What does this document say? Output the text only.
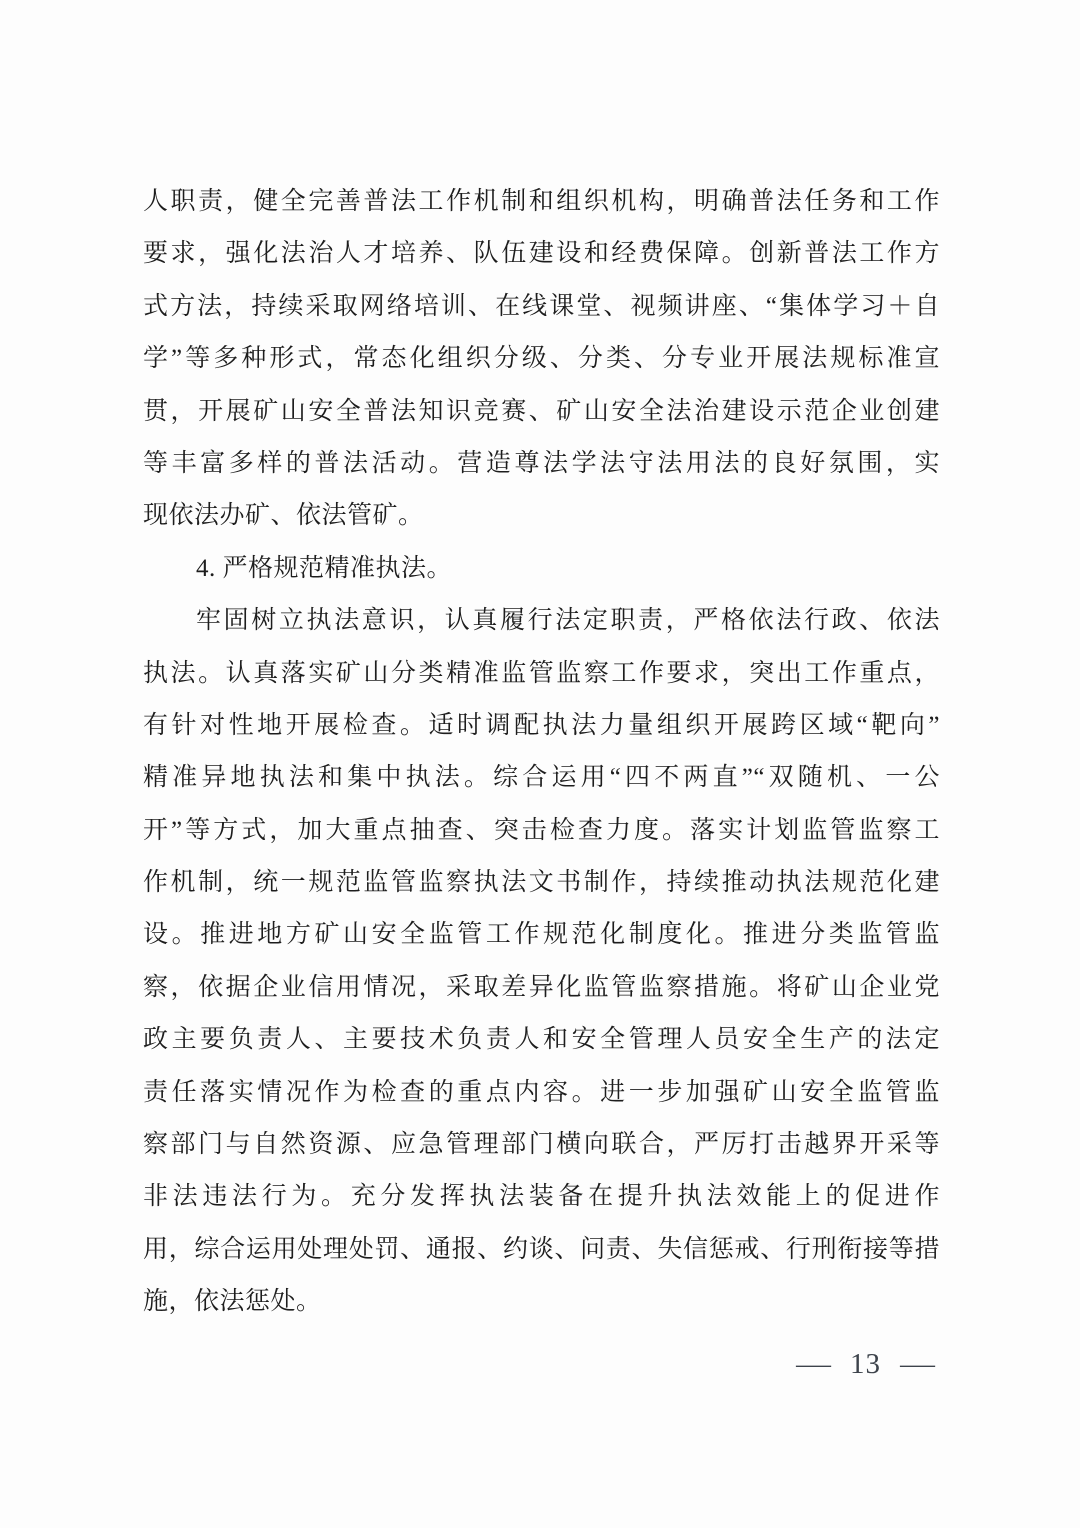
人职责，健全完善普法工作机制和组织机构，明确普法任务和工作
要求，强化法治人才培养、队伍建设和经费保障。创新普法工作方
式方法，持续采取网络培训、在线课堂、视频讲座、“集体学习＋自
学”等多种形式，常态化组织分级、分类、分专业开展法规标准宣
贯，开展矿山安全普法知识竞赛、矿山安全法治建设示范企业创建
等丰富多样的普法活动。营造尊法学法守法用法的良好氛围，实
现依法办矿、依法管矿。
4. 严格规范精准执法。
牢固树立执法意识，认真履行法定职责，严格依法行政、依法
执法。认真落实矿山分类精准监管监察工作要求，突出工作重点，
有针对性地开展检查。适时调配执法力量组织开展跨区域“靶向”
精准异地执法和集中执法。综合运用“四不两直”“双随机、一公
开”等方式，加大重点抽查、突击检查力度。落实计划监管监察工
作机制，统一规范监管监察执法文书制作，持续推动执法规范化建
设。推进地方矿山安全监管工作规范化制度化。推进分类监管监
察，依据企业信用情况，采取差异化监管监察措施。将矿山企业党
政主要负责人、主要技术负责人和安全管理人员安全生产的法定
责任落实情况作为检查的重点内容。进一步加强矿山安全监管监
察部门与自然资源、应急管理部门横向联合，严厉打击越界开采等
非法违法行为。充分发挥执法装备在提升执法效能上的促进作
用，综合运用处理处罚、通报、约谈、问责、失信惩戒、行刑衔接等措
施，依法惩处。
— 13 —
